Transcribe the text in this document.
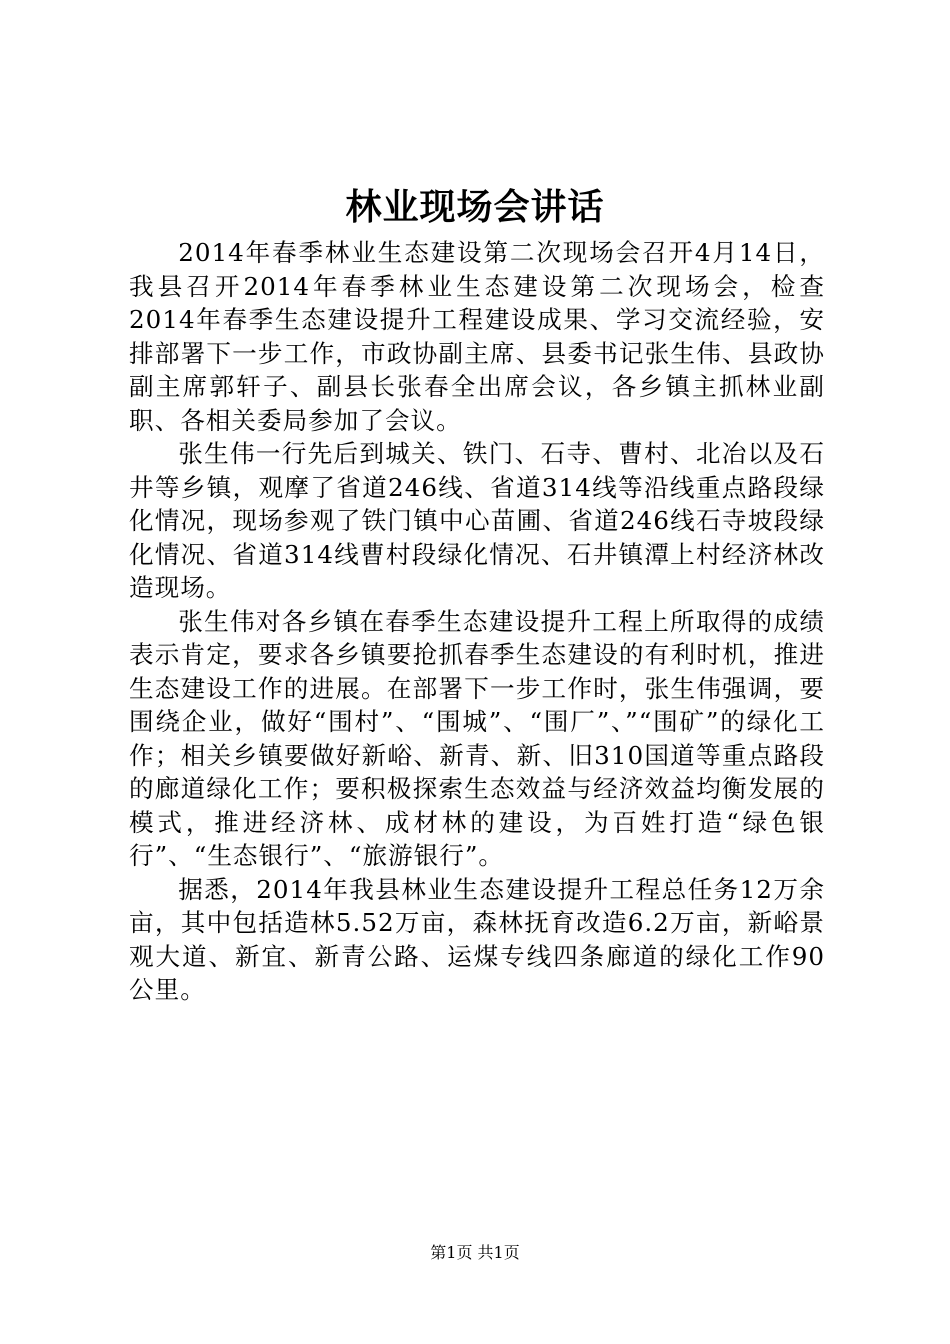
林业现场会讲话

2014年春季林业生态建设第二次现场会召开4月14日，我县召开2014年春季林业生态建设第二次现场会，检查2014年春季生态建设提升工程建设成果、学习交流经验，安排部署下一步工作，市政协副主席、县委书记张生伟、县政协副主席郭轩子、副县长张春全出席会议，各乡镇主抓林业副职、各相关委局参加了会议。

张生伟一行先后到城关、铁门、石寺、曹村、北冶以及石井等乡镇，观摩了省道246线、省道314线等沿线重点路段绿化情况，现场参观了铁门镇中心苗圃、省道246线石寺坡段绿化情况、省道314线曹村段绿化情况、石井镇潭上村经济林改造现场。

张生伟对各乡镇在春季生态建设提升工程上所取得的成绩表示肯定，要求各乡镇要抢抓春季生态建设的有利时机，推进生态建设工作的进展。在部署下一步工作时，张生伟强调，要围绕企业，做好“围村”、“围城”、“围厂”、”“围矿”的绿化工作；相关乡镇要做好新峪、新青、新、旧310国道等重点路段的廊道绿化工作；要积极探索生态效益与经济效益均衡发展的模式，推进经济林、成材林的建设，为百姓打造“绿色银行”、“生态银行”、“旅游银行”。

据悉，2014年我县林业生态建设提升工程总任务12万余亩，其中包括造林5.52万亩，森林抚育改造6.2万亩，新峪景观大道、新宜、新青公路、运煤专线四条廊道的绿化工作90公里。

第1页 共1页
